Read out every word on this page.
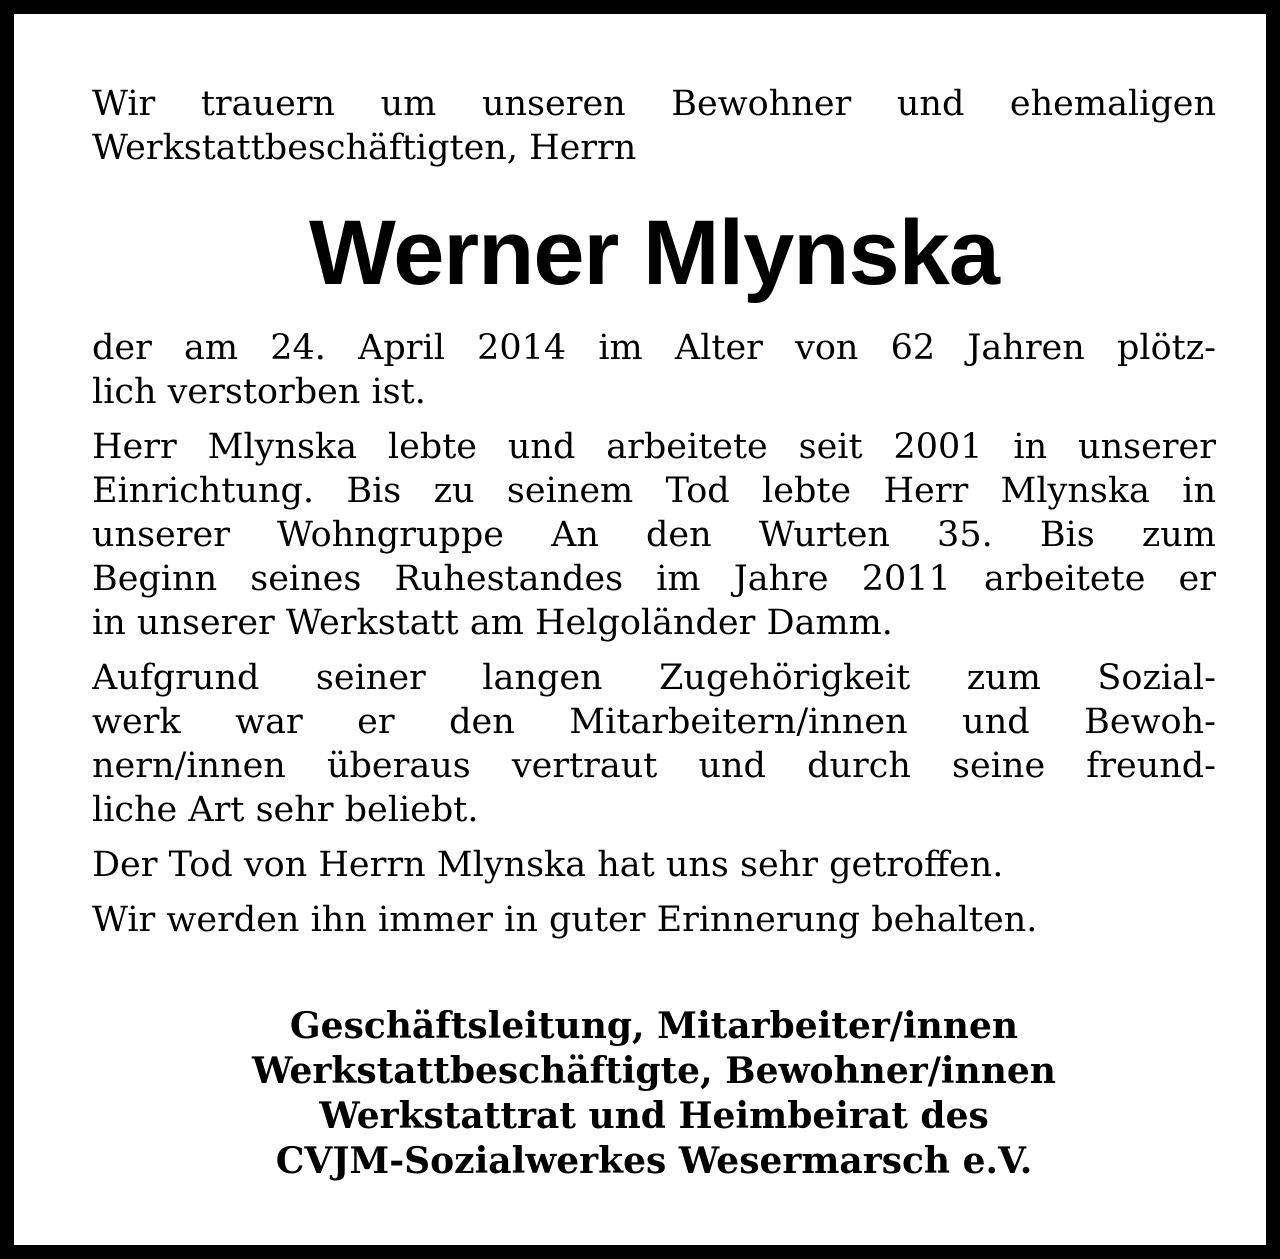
Wir trauern um unseren Bewohner und ehemaligen
Werkstattbeschäftigten, Herrn
Werner Mlynska
der am 24. April 2014 im Alter von 62 Jahren plötz-
lich verstorben ist.
Herr Mlynska lebte und arbeitete seit 2001 in unserer
Einrichtung. Bis zu seinem Tod lebte Herr Mlynska in
unserer Wohngruppe An den Wurten 35. Bis zum
Beginn seines Ruhestandes im Jahre 2011 arbeitete er
in unserer Werkstatt am Helgoländer Damm.
Aufgrund seiner langen Zugehörigkeit zum Sozial-
werk war er den Mitarbeitern/innen und Bewoh-
nern/innen überaus vertraut und durch seine freund-
liche Art sehr beliebt.
Der Tod von Herrn Mlynska hat uns sehr getroffen.
Wir werden ihn immer in guter Erinnerung behalten.
Geschäftsleitung, Mitarbeiter/innen
Werkstattbeschäftigte, Bewohner/innen
Werkstattrat und Heimbeirat des
CVJM-Sozialwerkes Wesermarsch e.V.
